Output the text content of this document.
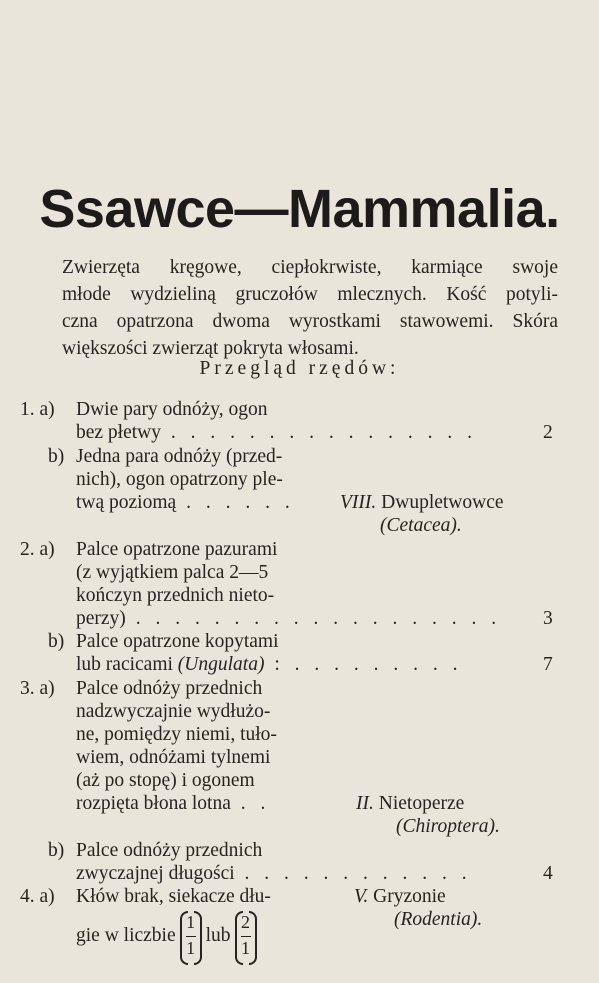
Ssawce—Mammalia.
Zwierzęta kręgowe, ciepłokrwiste, karmiące swoje
młode wydzieliną gruczołów mlecznych. Kość potyli-
czna opatrzona dwoma wyrostkami stawowemi. Skóra
większości zwierząt pokryta włosami.
Przegląd rzędów:
1. a) Dwie pary odnóży, ogon
bez płetwy . . . . . . . . . . . . . . . .	2
b) Jedna para odnóży (przed-
nich), ogon opatrzony ple-
twą poziomą . . . . . . VIII. Dwupletwowce
(Cetacea).
2. a) Palce opatrzone pazurami
(z wyjątkiem palca 2—5
kończyn przednich nieto-
perzy) . . . . . . . . . . . . . . . . . . . 3
b) Palce opatrzone kopytami
lub racicami (Ungulata) : . . . . . . . . .	7
3. a) Palce odnóży przednich
nadzwyczajnie wydłużo-
ne, pomiędzy niemi, tuło-
wiem, odnóżami tylnemi
(aż po stopę) i ogonem
rozpięta błona lotna . .	II. Nietoperze
(Chiroptera).
b) Palce odnóży przednich
zwyczajnej długości . . . . . . . . . . . .	4
4. a) Kłów brak, siekacze dłu-
gie w liczbie $\frac{1}{1}$ lub $\frac{2}{1}$
V. Gryzonie
(Rodentia).
